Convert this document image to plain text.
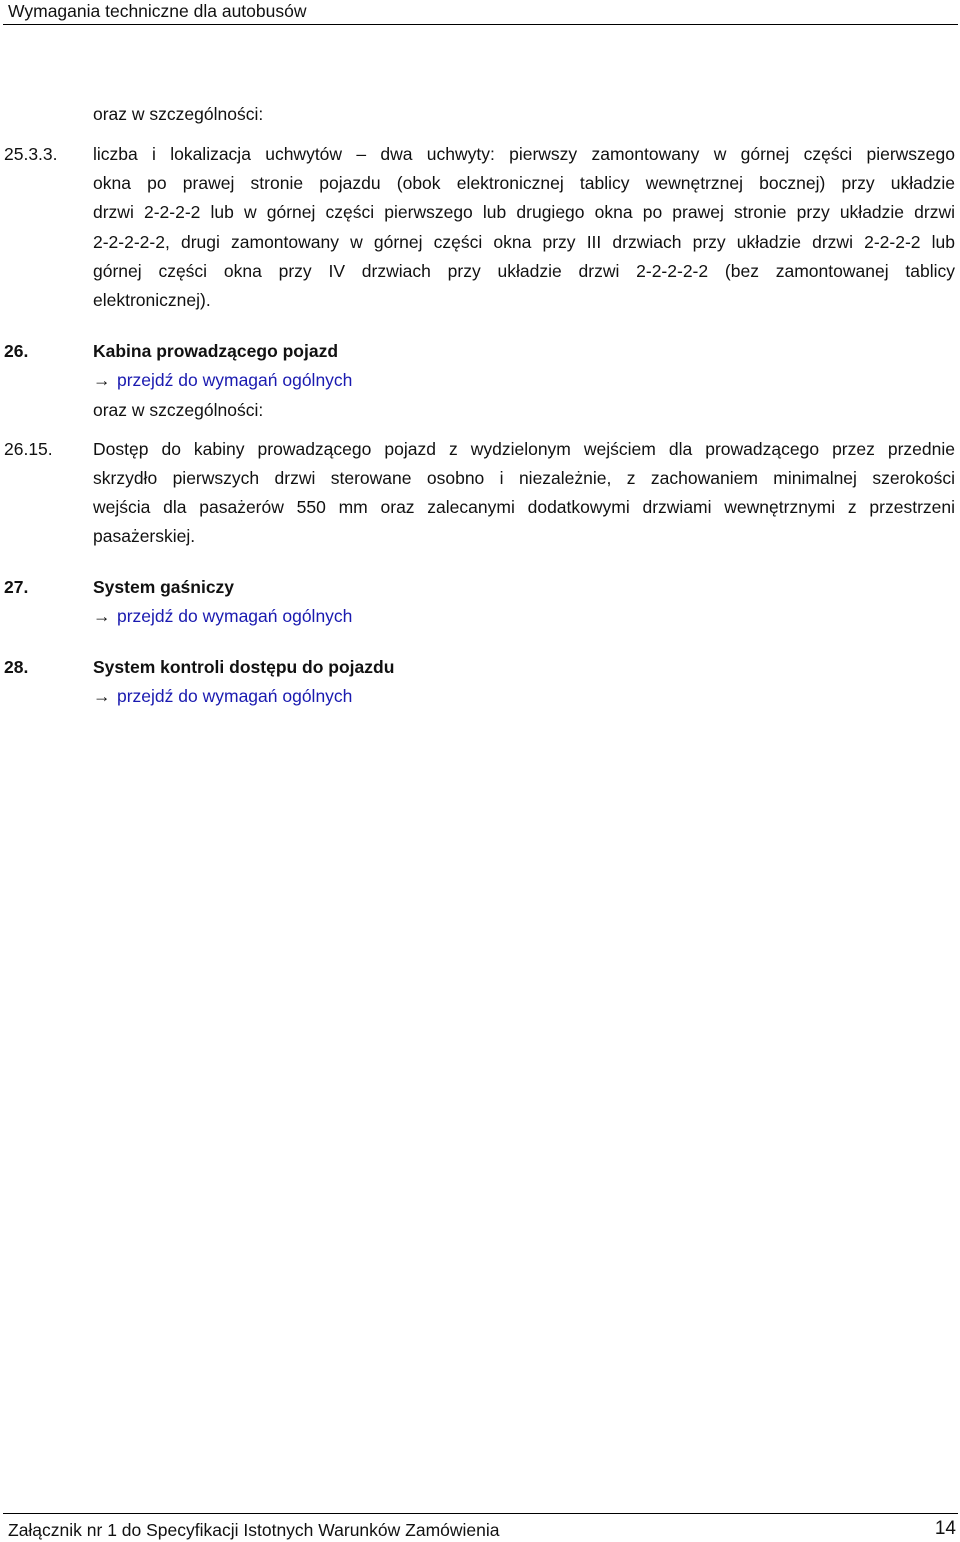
Wymagania techniczne dla autobusów
oraz w szczególności:
25.3.3. liczba i lokalizacja uchwytów – dwa uchwyty: pierwszy zamontowany w górnej części pierwszego
okna po prawej stronie pojazdu (obok elektronicznej tablicy wewnętrznej bocznej) przy układzie
drzwi 2-2-2-2 lub w górnej części pierwszego lub drugiego okna po prawej stronie przy układzie drzwi
2-2-2-2-2, drugi zamontowany w górnej części okna przy III drzwiach przy układzie drzwi 2-2-2-2 lub
górnej części okna przy IV drzwiach przy układzie drzwi 2-2-2-2-2 (bez zamontowanej tablicy
elektronicznej).
26.	Kabina prowadzącego pojazd
→ przejdź do wymagań ogólnych
oraz w szczególności:
26.15. Dostęp do kabiny prowadzącego pojazd z wydzielonym wejściem dla prowadzącego przez przednie
skrzydło pierwszych drzwi sterowane osobno i niezależnie, z zachowaniem minimalnej szerokości
wejścia dla pasażerów 550 mm oraz zalecanymi dodatkowymi drzwiami wewnętrznymi z przestrzeni
pasażerskiej.
27.	System gaśniczy
→ przejdź do wymagań ogólnych
28.	System kontroli dostępu do pojazdu
→ przejdź do wymagań ogólnych
Załącznik nr 1 do Specyfikacji Istotnych Warunków Zamówienia	14
